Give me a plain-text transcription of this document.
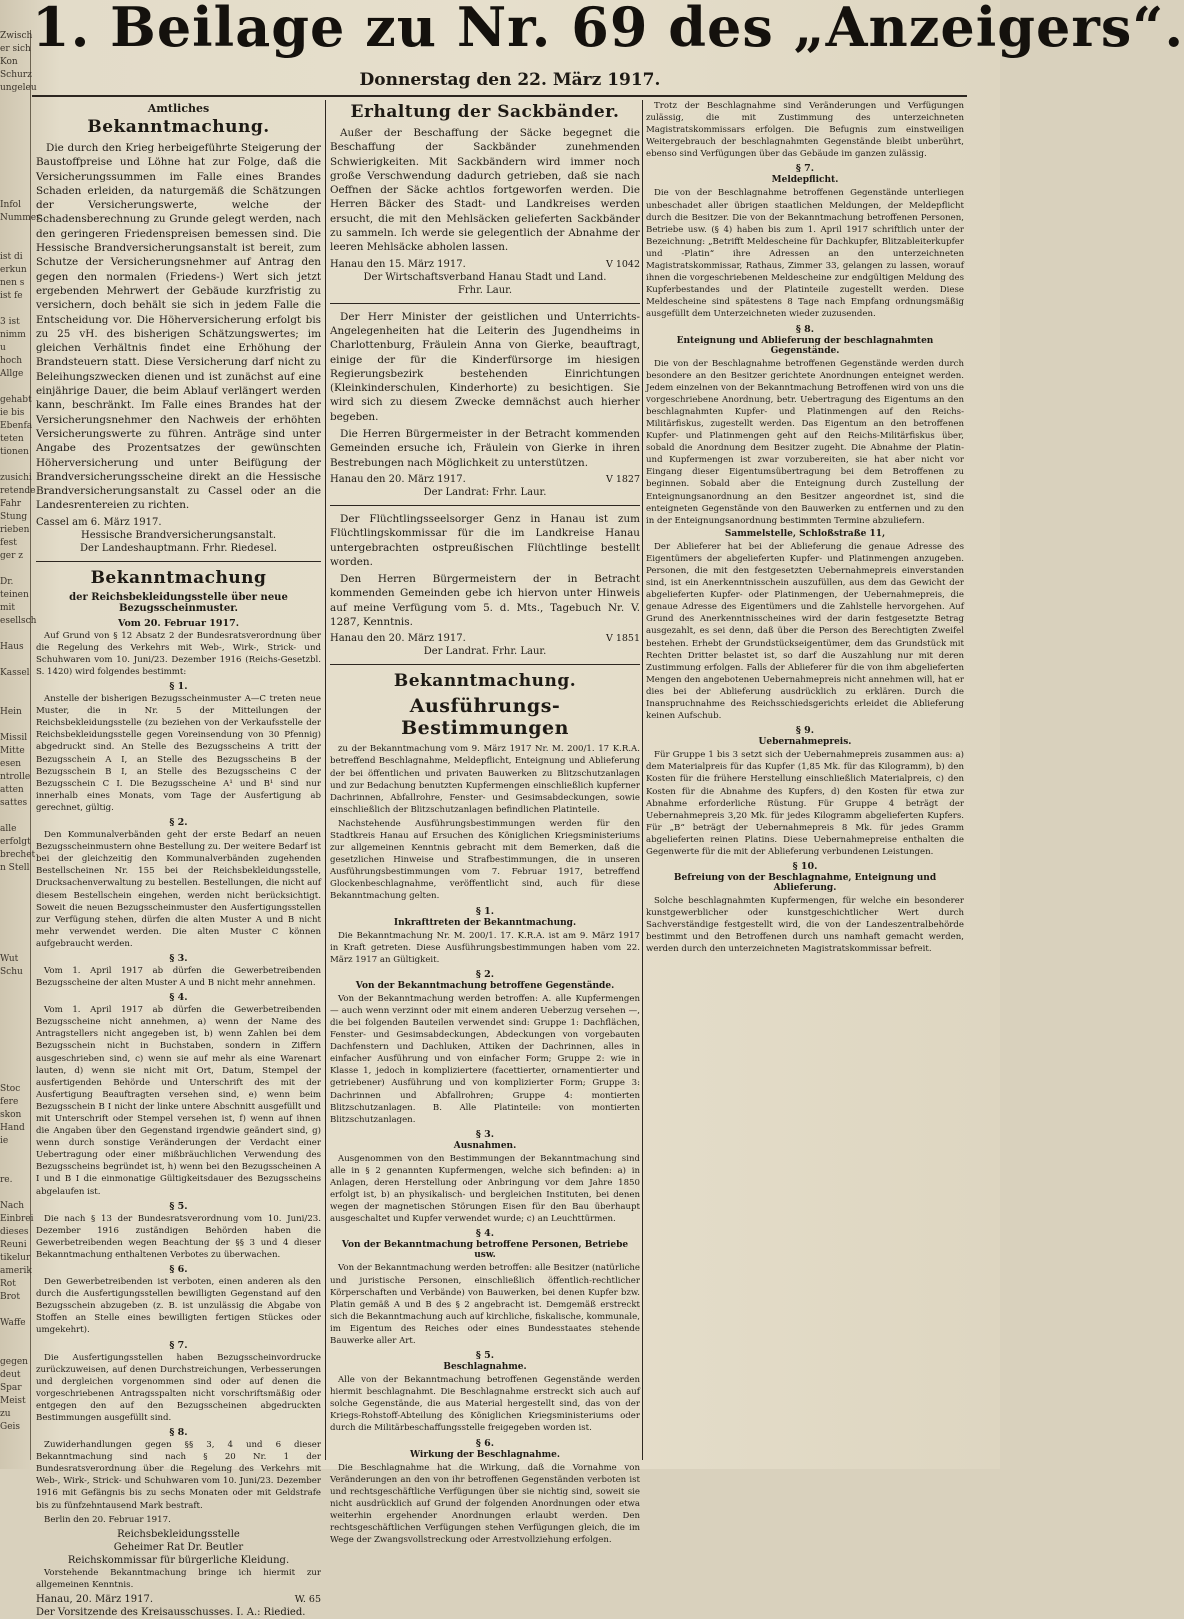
Zwisch
er sich
Kon
Schurz
ungeleu
Infol
Nummer
ist di
erkun
nen s
ist fe
3 ist
nimm
u
hoch
Allge
gehabt
ie bis
Ebenfa
teten
tionen
zusichi
retende
Fahr
Stung
rieben
fest
ger z
Dr.
teinen
mit
esellsch
Haus
Kassel
Hein
Missil
Mitte
esen
ntrolle
atten
sattes
alle
erfolgt
brechet
n Stell
Wut
Schu
Stoc
fere
skon
Hand
ie
re.
Nach
Einbrei
dieses
Reuni
tikelur
amerik
Rot
Brot
Waffe
gegen
deut
Spar
Meist
zu
Geis
1. Beilage zu Nr. 69 des „Anzeigers“.
Donnerstag den 22. März 1917.
Amtliches
Bekanntmachung.

Die durch den Krieg herbeigeführte Steigerung der Baustoffpreise und Löhne hat zur Folge, daß die Versicherungssummen im Falle eines Brandes Schaden erleiden, da naturgemäß die Schätzungen der Versicherungswerte, welche der Schadensberechnung zu Grunde gelegt werden, nach den geringeren Friedenspreisen bemessen sind. Die Hessische Brandversicherungsanstalt ist bereit, zum Schutze der Versicherungsnehmer auf Antrag den gegen den normalen (Friedens-) Wert sich jetzt ergebenden Mehrwert der Gebäude kurzfristig zu versichern, doch behält sie sich in jedem Falle die Entscheidung vor. Die Höherversicherung erfolgt bis zu 25 vH. des bisherigen Schätzungswertes; im gleichen Verhältnis findet eine Erhöhung der Brandsteuern statt. Diese Versicherung darf nicht zu Beleihungszwecken dienen und ist zunächst auf eine einjährige Dauer, die beim Ablauf verlängert werden kann, beschränkt. Im Falle eines Brandes hat der Versicherungsnehmer den Nachweis der erhöhten Versicherungswerte zu führen. Anträge sind unter Angabe des Prozentsatzes der gewünschten Höherversicherung und unter Beifügung der Brandversicherungsscheine direkt an die Hessische Brandversicherungsanstalt zu Cassel oder an die Landesrentereien zu richten.

Cassel am 6. März 1917.

Hessische Brandversicherungsanstalt.

Der Landeshauptmann. Frhr. Riedesel.

Bekanntmachung
der Reichsbekleidungsstelle über neue Bezugsscheinmuster.
Vom 20. Februar 1917.

Auf Grund von § 12 Absatz 2 der Bundesratsverordnung über die Regelung des Verkehrs mit Web-, Wirk-, Strick- und Schuhwaren vom 10. Juni/23. Dezember 1916 (Reichs-Gesetzbl. S. 1420) wird folgendes bestimmt:

§ 1.

Anstelle der bisherigen Bezugsscheinmuster A—C treten neue Muster, die in Nr. 5 der Mitteilungen der Reichsbekleidungsstelle (zu beziehen von der Verkaufsstelle der Reichsbekleidungsstelle gegen Voreinsendung von 30 Pfennig) abgedruckt sind. An Stelle des Bezugsscheins A tritt der Bezugsschein A I, an Stelle des Bezugsscheins B der Bezugsschein B I, an Stelle des Bezugsscheins C der Bezugsschein C I. Die Bezugsscheine A¹ und B¹ sind nur innerhalb eines Monats, vom Tage der Ausfertigung ab gerechnet, gültig.

§ 2.

Den Kommunalverbänden geht der erste Bedarf an neuen Bezugsscheinmustern ohne Bestellung zu. Der weitere Bedarf ist bei der gleichzeitig den Kommunalverbänden zugehenden Bestellscheinen Nr. 155 bei der Reichsbekleidungsstelle, Drucksachenverwaltung zu bestellen. Bestellungen, die nicht auf diesem Bestellschein eingehen, werden nicht berücksichtigt. Soweit die neuen Bezugsscheinmuster den Ausfertigungsstellen zur Verfügung stehen, dürfen die alten Muster A und B nicht mehr verwendet werden. Die alten Muster C können aufgebraucht werden.

§ 3.

Vom 1. April 1917 ab dürfen die Gewerbetreibenden Bezugsscheine der alten Muster A und B nicht mehr annehmen.

§ 4.

Vom 1. April 1917 ab dürfen die Gewerbetreibenden Bezugsscheine nicht annehmen, a) wenn der Name des Antragstellers nicht angegeben ist, b) wenn Zahlen bei dem Bezugsschein nicht in Buchstaben, sondern in Ziffern ausgeschrieben sind, c) wenn sie auf mehr als eine Warenart lauten, d) wenn sie nicht mit Ort, Datum, Stempel der ausfertigenden Behörde und Unterschrift des mit der Ausfertigung Beauftragten versehen sind, e) wenn beim Bezugsschein B I nicht der linke untere Abschnitt ausgefüllt und mit Unterschrift oder Stempel versehen ist, f) wenn auf ihnen die Angaben über den Gegenstand irgendwie geändert sind, g) wenn durch sonstige Veränderungen der Verdacht einer Uebertragung oder einer mißbräuchlichen Verwendung des Bezugsscheins begründet ist, h) wenn bei den Bezugsscheinen A I und B I die einmonatige Gültigkeitsdauer des Bezugsscheins abgelaufen ist.

§ 5.

Die nach § 13 der Bundesratsverordnung vom 10. Juni/23. Dezember 1916 zuständigen Behörden haben die Gewerbetreibenden wegen Beachtung der §§ 3 und 4 dieser Bekanntmachung enthaltenen Verbotes zu überwachen.

§ 6.

Den Gewerbetreibenden ist verboten, einen anderen als den durch die Ausfertigungsstellen bewilligten Gegenstand auf den Bezugsschein abzugeben (z. B. ist unzulässig die Abgabe von Stoffen an Stelle eines bewilligten fertigen Stückes oder umgekehrt).

§ 7.

Die Ausfertigungsstellen haben Bezugsscheinvordrucke zurückzuweisen, auf denen Durchstreichungen, Verbesserungen und dergleichen vorgenommen sind oder auf denen die vorgeschriebenen Antragsspalten nicht vorschriftsmäßig oder entgegen den auf den Bezugsscheinen abgedruckten Bestimmungen ausgefüllt sind.

§ 8.

Zuwiderhandlungen gegen §§ 3, 4 und 6 dieser Bekanntmachung sind nach § 20 Nr. 1 der Bundesratsverordnung über die Regelung des Verkehrs mit Web-, Wirk-, Strick- und Schuhwaren vom 10. Juni/23. Dezember 1916 mit Gefängnis bis zu sechs Monaten oder mit Geldstrafe bis zu fünfzehntausend Mark bestraft.

Berlin den 20. Februar 1917.

Reichsbekleidungsstelle

Geheimer Rat Dr. Beutler

Reichskommissar für bürgerliche Kleidung.

Vorstehende Bekanntmachung bringe ich hiermit zur allgemeinen Kenntnis.

Hanau, 20. März 1917.	W. 65

Der Vorsitzende des Kreisausschusses. I. A.: Riedied.

Erhaltung der Sackbänder.

Außer der Beschaffung der Säcke begegnet die Beschaffung der Sackbänder zunehmenden Schwierigkeiten. Mit Sackbändern wird immer noch große Verschwendung dadurch getrieben, daß sie nach Oeffnen der Säcke achtlos fortgeworfen werden. Die Herren Bäcker des Stadt- und Landkreises werden ersucht, die mit den Mehlsäcken gelieferten Sackbänder zu sammeln. Ich werde sie gelegentlich der Abnahme der leeren Mehlsäcke abholen lassen.

Hanau den 15. März 1917.	V 1042

Der Wirtschaftsverband Hanau Stadt und Land.

Frhr. Laur.

Der Herr Minister der geistlichen und Unterrichts-Angelegenheiten hat die Leiterin des Jugendheims in Charlottenburg, Fräulein Anna von Gierke, beauftragt, einige der für die Kinderfürsorge im hiesigen Regierungsbezirk bestehenden Einrichtungen (Kleinkinderschulen, Kinderhorte) zu besichtigen. Sie wird sich zu diesem Zwecke demnächst auch hierher begeben.

Die Herren Bürgermeister in der Betracht kommenden Gemeinden ersuche ich, Fräulein von Gierke in ihren Bestrebungen nach Möglichkeit zu unterstützen.

Hanau den 20. März 1917.	V 1827

Der Landrat: Frhr. Laur.

Der Flüchtlingsseelsorger Genz in Hanau ist zum Flüchtlingskommissar für die im Landkreise Hanau untergebrachten ostpreußischen Flüchtlinge bestellt worden.

Den Herren Bürgermeistern der in Betracht kommenden Gemeinden gebe ich hiervon unter Hinweis auf meine Verfügung vom 5. d. Mts., Tagebuch Nr. V. 1287, Kenntnis.

Hanau den 20. März 1917.	V 1851

Der Landrat. Frhr. Laur.

Bekanntmachung.
Ausführungs-Bestimmungen

zu der Bekanntmachung vom 9. März 1917 Nr. M. 200/1. 17 K.R.A. betreffend Beschlagnahme, Meldepflicht, Enteignung und Ablieferung der bei öffentlichen und privaten Bauwerken zu Blitzschutzanlagen und zur Bedachung benutzten Kupfermengen einschließlich kupferner Dachrinnen, Abfallrohre, Fenster- und Gesimsabdeckungen, sowie einschließlich der Blitzschutzanlagen befindlichen Platinteile.

Nachstehende Ausführungsbestimmungen werden für den Stadtkreis Hanau auf Ersuchen des Königlichen Kriegsministeriums zur allgemeinen Kenntnis gebracht mit dem Bemerken, daß die gesetzlichen Hinweise und Strafbestimmungen, die in unseren Ausführungsbestimmungen vom 7. Februar 1917, betreffend Glockenbeschlagnahme, veröffentlicht sind, auch für diese Bekanntmachung gelten.

§ 1.
Inkrafttreten der Bekanntmachung.

Die Bekanntmachung Nr. M. 200/1. 17. K.R.A. ist am 9. März 1917 in Kraft getreten. Diese Ausführungsbestimmungen haben vom 22. März 1917 an Gültigkeit.

§ 2.
Von der Bekanntmachung betroffene Gegenstände.

Von der Bekanntmachung werden betroffen: A. alle Kupfermengen — auch wenn verzinnt oder mit einem anderen Ueberzug versehen —, die bei folgenden Bauteilen verwendet sind: Gruppe 1: Dachflächen, Fenster- und Gesimsabdeckungen, Abdeckungen von vorgebauten Dachfenstern und Dachluken, Attiken der Dachrinnen, alles in einfacher Ausführung und von einfacher Form; Gruppe 2: wie in Klasse 1, jedoch in kompliziertere (facettierter, ornamentierter und getriebener) Ausführung und von komplizierter Form; Gruppe 3: Dachrinnen und Abfallrohren; Gruppe 4: montierten Blitzschutzanlagen. B. Alle Platinteile: von montierten Blitzschutzanlagen.

§ 3.
Ausnahmen.

Ausgenommen von den Bestimmungen der Bekanntmachung sind alle in § 2 genannten Kupfermengen, welche sich befinden: a) in Anlagen, deren Herstellung oder Anbringung vor dem Jahre 1850 erfolgt ist, b) an physikalisch- und bergleichen Instituten, bei denen wegen der magnetischen Störungen Eisen für den Bau überhaupt ausgeschaltet und Kupfer verwendet wurde; c) an Leuchttürmen.

§ 4.
Von der Bekanntmachung betroffene Personen, Betriebe usw.

Von der Bekanntmachung werden betroffen: alle Besitzer (natürliche und juristische Personen, einschließlich öffentlich-rechtlicher Körperschaften und Verbände) von Bauwerken, bei denen Kupfer bzw. Platin gemäß A und B des § 2 angebracht ist. Demgemäß erstreckt sich die Bekanntmachung auch auf kirchliche, fiskalische, kommunale, im Eigentum des Reiches oder eines Bundesstaates stehende Bauwerke aller Art.

§ 5.
Beschlagnahme.

Alle von der Bekanntmachung betroffenen Gegenstände werden hiermit beschlagnahmt. Die Beschlagnahme erstreckt sich auch auf solche Gegenstände, die aus Material hergestellt sind, das von der Kriegs-Rohstoff-Abteilung des Königlichen Kriegsministeriums oder durch die Militärbeschaffungsstelle freigegeben worden ist.

§ 6.
Wirkung der Beschlagnahme.

Die Beschlagnahme hat die Wirkung, daß die Vornahme von Veränderungen an den von ihr betroffenen Gegenständen verboten ist und rechtsgeschäftliche Verfügungen über sie nichtig sind, soweit sie nicht ausdrücklich auf Grund der folgenden Anordnungen oder etwa weiterhin ergehender Anordnungen erlaubt werden. Den rechtsgeschäftlichen Verfügungen stehen Verfügungen gleich, die im Wege der Zwangsvollstreckung oder Arrestvollziehung erfolgen.

Trotz der Beschlagnahme sind Veränderungen und Verfügungen zulässig, die mit Zustimmung des unterzeichneten Magistratskommissars erfolgen. Die Befugnis zum einstweiligen Weitergebrauch der beschlagnahmten Gegenstände bleibt unberührt, ebenso sind Verfügungen über das Gebäude im ganzen zulässig.

§ 7.
Meldepflicht.

Die von der Beschlagnahme betroffenen Gegenstände unterliegen unbeschadet aller übrigen staatlichen Meldungen, der Meldepflicht durch die Besitzer. Die von der Bekanntmachung betroffenen Personen, Betriebe usw. (§ 4) haben bis zum 1. April 1917 schriftlich unter der Bezeichnung: „Betrifft Meldescheine für Dachkupfer, Blitzableiterkupfer und -Platin“ ihre Adressen an den unterzeichneten Magistratskommissar, Rathaus, Zimmer 33, gelangen zu lassen, worauf ihnen die vorgeschriebenen Meldescheine zur endgültigen Meldung des Kupferbestandes und der Platinteile zugestellt werden. Diese Meldescheine sind spätestens 8 Tage nach Empfang ordnungsmäßig ausgefüllt dem Unterzeichneten wieder zuzusenden.

§ 8.
Enteignung und Ablieferung der beschlagnahmten Gegenstände.

Die von der Beschlagnahme betroffenen Gegenstände werden durch besondere an den Besitzer gerichtete Anordnungen enteignet werden. Jedem einzelnen von der Bekanntmachung Betroffenen wird von uns die vorgeschriebene Anordnung, betr. Uebertragung des Eigentums an den beschlagnahmten Kupfer- und Platinmengen auf den Reichs-Militärfiskus, zugestellt werden. Das Eigentum an den betroffenen Kupfer- und Platinmengen geht auf den Reichs-Militärfiskus über, sobald die Anordnung dem Besitzer zugeht. Die Abnahme der Platin- und Kupfermengen ist zwar vorzubereiten, sie hat aber nicht vor Eingang dieser Eigentumsübertragung bei dem Betroffenen zu beginnen. Sobald aber die Enteignung durch Zustellung der Enteignungsanordnung an den Besitzer angeordnet ist, sind die enteigneten Gegenstände von den Bauwerken zu entfernen und zu den in der Enteignungsanordnung bestimmten Termine abzuliefern.

Sammelstelle, Schloßstraße 11,

Der Ablieferer hat bei der Ablieferung die genaue Adresse des Eigentümers der abgelieferten Kupfer- und Platinmengen anzugeben. Personen, die mit den festgesetzten Uebernahmepreis einverstanden sind, ist ein Anerkenntnisschein auszufüllen, aus dem das Gewicht der abgelieferten Kupfer- oder Platinmengen, der Uebernahmepreis, die genaue Adresse des Eigentümers und die Zahlstelle hervorgehen. Auf Grund des Anerkenntnisscheines wird der darin festgesetzte Betrag ausgezahlt, es sei denn, daß über die Person des Berechtigten Zweifel bestehen. Erhebt der Grundstückseigentümer, dem das Grundstück mit Rechten Dritter belastet ist, so darf die Auszahlung nur mit deren Zustimmung erfolgen. Falls der Ablieferer für die von ihm abgelieferten Mengen den angebotenen Uebernahmepreis nicht annehmen will, hat er dies bei der Ablieferung ausdrücklich zu erklären. Durch die Inanspruchnahme des Reichsschiedsgerichts erleidet die Ablieferung keinen Aufschub.

§ 9.
Uebernahmepreis.

Für Gruppe 1 bis 3 setzt sich der Uebernahmepreis zusammen aus: a) dem Materialpreis für das Kupfer (1,85 Mk. für das Kilogramm), b) den Kosten für die frühere Herstellung einschließlich Materialpreis, c) den Kosten für die Abnahme des Kupfers, d) den Kosten für etwa zur Abnahme erforderliche Rüstung. Für Gruppe 4 beträgt der Uebernahmepreis 3,20 Mk. für jedes Kilogramm abgelieferten Kupfers. Für „B“ beträgt der Uebernahmepreis 8 Mk. für jedes Gramm abgelieferten reinen Platins. Diese Uebernahmepreise enthalten die Gegenwerte für die mit der Ablieferung verbundenen Leistungen.

§ 10.
Befreiung von der Beschlagnahme, Enteignung und Ablieferung.

Solche beschlagnahmten Kupfermengen, für welche ein besonderer kunstgewerblicher oder kunstgeschichtlicher Wert durch Sachverständige festgestellt wird, die von der Landeszentralbehörde bestimmt und den Betroffenen durch uns namhaft gemacht werden, werden durch den unterzeichneten Magistratskommissar befreit.
